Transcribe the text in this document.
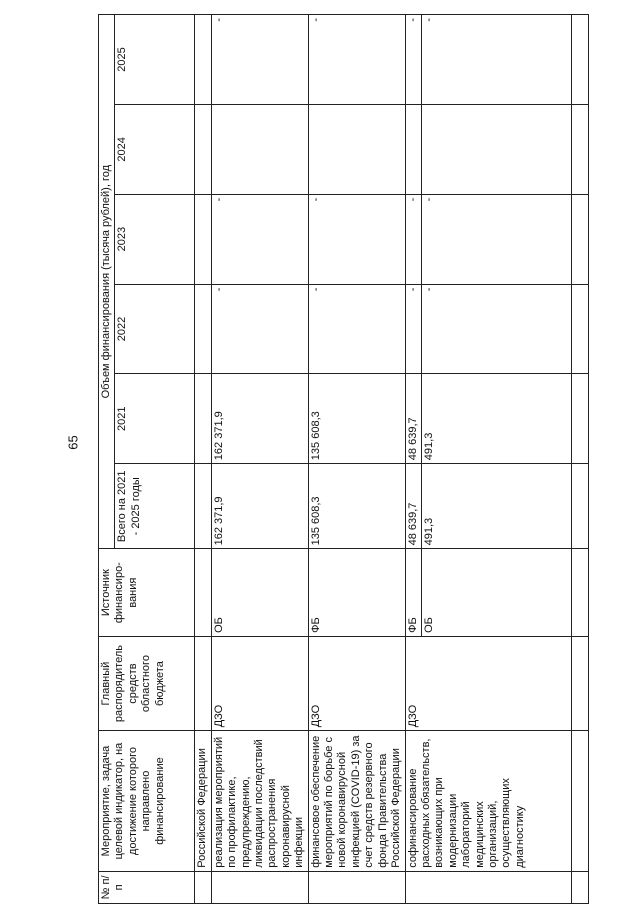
65
№ п/п	Мероприятие, задача целевой индикатор, на достижение которого направлено финансирование	Главный распорядитель средств областного бюджета	Источник финансиро-вания	Объем финансирования (тысяча рублей), год					
				Всего на 2021 - 2025 годы	2021	2022	2023	2024	2025
	Российской Федерации								
	реализация мероприятий по профилактике, предупреждению, ликвидации последствий распространения коронавирусной инфекции	ДЗО	ОБ	162 371,9	162 371,9	-	-		-
	финансовое обеспечение мероприятий по борьбе с новой коронавирусной инфекцией (COVID-19) за счет средств резервного фонда Правительства Российской Федерации	ДЗО	ФБ	135 608,3	135 608,3	-	-		-
	софинансирование расходных обязательств, возникающих при модернизации лабораторий медицинских организаций, осуществляющих диагностику	ДЗО	ФБ	48 639,7	48 639,7	-	-		-
			ОБ	491,3	491,3	-	-		-
